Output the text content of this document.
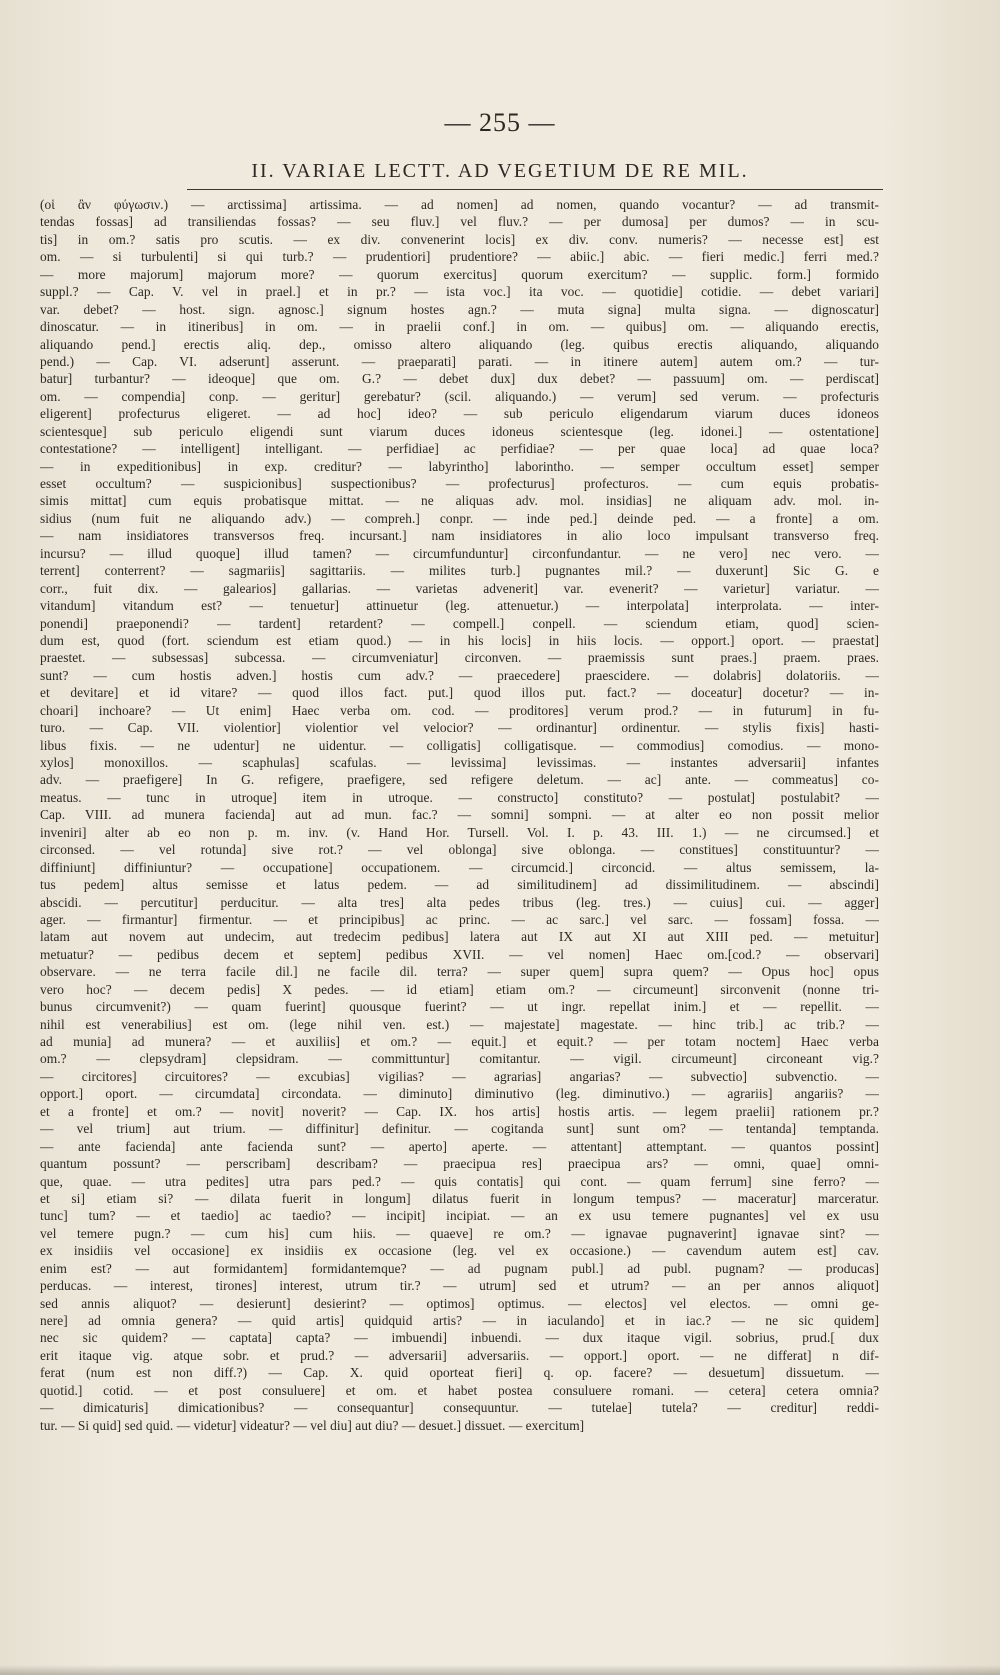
— 255 —
II. VARIAE LECTT. AD VEGETIUM DE RE MIL.
(οἱ ἂν φύγωσιν.) — arctissima] artissima. — ad nomen] ad nomen, quando vocantur? — ad transmit-
tendas fossas] ad transiliendas fossas? — seu fluv.] vel fluv.? — per dumosa] per dumos? — in scu-
tis] in om.? satis pro scutis. — ex div. convenerint locis] ex div. conv. numeris? — necesse est] est
om. — si turbulenti] si qui turb.? — prudentiori] prudentiore? — abiic.] abic. — fieri medic.] ferri med.?
— more majorum] majorum more? — quorum exercitus] quorum exercitum? — supplic. form.] formido
suppl.? — Cap. V. vel in prael.] et in pr.? — ista voc.] ita voc. — quotidie] cotidie. — debet variari]
var. debet? — host. sign. agnosc.] signum hostes agn.? — muta signa] multa signa. — dignoscatur]
dinoscatur. — in itineribus] in om. — in praelii conf.] in om. — quibus] om. — aliquando erectis,
aliquando pend.] erectis aliq. dep., omisso altero aliquando (leg. quibus erectis aliquando, aliquando
pend.) — Cap. VI. adserunt] asserunt. — praeparati] parati. — in itinere autem] autem om.? — tur-
batur] turbantur? — ideoque] que om. G.? — debet dux] dux debet? — passuum] om. — perdiscat]
om. — compendia] conp. — geritur] gerebatur? (scil. aliquando.) — verum] sed verum. — profecturis
eligerent] profecturus eligeret. — ad hoc] ideo? — sub periculo eligendarum viarum duces idoneos
scientesque] sub periculo eligendi sunt viarum duces idoneus scientesque (leg. idonei.] — ostentatione]
contestatione? — intelligent] intelligant. — perfidiae] ac perfidiae? — per quae loca] ad quae loca?
— in expeditionibus] in exp. creditur? — labyrintho] laborintho. — semper occultum esset] semper
esset occultum? — suspicionibus] suspectionibus? — profecturus] profecturos. — cum equis probatis-
simis mittat] cum equis probatisque mittat. — ne aliquas adv. mol. insidias] ne aliquam adv. mol. in-
sidius (num fuit ne aliquando adv.) — compreh.] conpr. — inde ped.] deinde ped. — a fronte] a om.
— nam insidiatores transversos freq. incursant.] nam insidiatores in alio loco impulsant transverso freq.
incursu? — illud quoque] illud tamen? — circumfunduntur] circonfundantur. — ne vero] nec vero. —
terrent] conterrent? — sagmariis] sagittariis. — milites turb.] pugnantes mil.? — duxerunt] Sic G. e
corr., fuit dix. — galearios] gallarias. — varietas advenerit] var. evenerit? — varietur] variatur. —
vitandum] vitandum est? — tenuetur] attinuetur (leg. attenuetur.) — interpolata] interprolata. — inter-
ponendi] praeponendi? — tardent] retardent? — compell.] conpell. — sciendum etiam, quod] scien-
dum est, quod (fort. sciendum est etiam quod.) — in his locis] in hiis locis. — opport.] oport. — praestat]
praestet. — subsessas] subcessa. — circumveniatur] circonven. — praemissis sunt praes.] praem. praes.
sunt? — cum hostis adven.] hostis cum adv.? — praecedere] praescidere. — dolabris] dolatoriis. —
et devitare] et id vitare? — quod illos fact. put.] quod illos put. fact.? — doceatur] docetur? — in-
choari] inchoare? — Ut enim] Haec verba om. cod. — proditores] verum prod.? — in futurum] in fu-
turo. — Cap. VII. violentior] violentior vel velocior? — ordinantur] ordinentur. — stylis fixis] hasti-
libus fixis. — ne udentur] ne uidentur. — colligatis] colligatisque. — commodius] comodius. — mono-
xylos] monoxillos. — scaphulas] scafulas. — levissima] levissimas. — instantes adversarii] infantes
adv. — praefigere] In G. refigere, praefigere, sed refigere deletum. — ac] ante. — commeatus] co-
meatus. — tunc in utroque] item in utroque. — constructo] constituto? — postulat] postulabit? —
Cap. VIII. ad munera facienda] aut ad mun. fac.? — somni] sompni. — at alter eo non possit melior
inveniri] alter ab eo non p. m. inv. (v. Hand Hor. Tursell. Vol. I. p. 43. III. 1.) — ne circumsed.] et
circonsed. — vel rotunda] sive rot.? — vel oblonga] sive oblonga. — constitues] constituuntur? —
diffiniunt] diffiniuntur? — occupatione] occupationem. — circumcid.] circoncid. — altus semissem, la-
tus pedem] altus semisse et latus pedem. — ad similitudinem] ad dissimilitudinem. — abscindi]
abscidi. — percutitur] perducitur. — alta tres] alta pedes tribus (leg. tres.) — cuius] cui. — agger]
ager. — firmantur] firmentur. — et principibus] ac princ. — ac sarc.] vel sarc. — fossam] fossa. —
latam aut novem aut undecim, aut tredecim pedibus] latera aut IX aut XI aut XIII ped. — metuitur]
metuatur? — pedibus decem et septem] pedibus XVII. — vel nomen] Haec om.[cod.? — observari]
observare. — ne terra facile dil.] ne facile dil. terra? — super quem] supra quem? — Opus hoc] opus
vero hoc? — decem pedis] X pedes. — id etiam] etiam om.? — circumeunt] sirconvenit (nonne tri-
bunus circumvenit?) — quam fuerint] quousque fuerint? — ut ingr. repellat inim.] et — repellit. —
nihil est venerabilius] est om. (lege nihil ven. est.) — majestate] magestate. — hinc trib.] ac trib.? —
ad munia] ad munera? — et auxiliis] et om.? — equit.] et equit.? — per totam noctem] Haec verba
om.? — clepsydram] clepsidram. — committuntur] comitantur. — vigil. circumeunt] circoneant vig.?
— circitores] circuitores? — excubias] vigilias? — agrarias] angarias? — subvectio] subvenctio. —
opport.] oport. — circumdata] circondata. — diminuto] diminutivo (leg. diminutivo.) — agrariis] angariis? —
et a fronte] et om.? — novit] noverit? — Cap. IX. hos artis] hostis artis. — legem praelii] rationem pr.?
— vel trium] aut trium. — diffinitur] definitur. — cogitanda sunt] sunt om? — tentanda] temptanda.
— ante facienda] ante facienda sunt? — aperto] aperte. — attentant] attemptant. — quantos possint]
quantum possunt? — perscribam] describam? — praecipua res] praecipua ars? — omni, quae] omni-
que, quae. — utra pedites] utra pars ped.? — quis contatis] qui cont. — quam ferrum] sine ferro? —
et si] etiam si? — dilata fuerit in longum] dilatus fuerit in longum tempus? — maceratur] marceratur.
tunc] tum? — et taedio] ac taedio? — incipit] incipiat. — an ex usu temere pugnantes] vel ex usu
vel temere pugn.? — cum his] cum hiis. — quaeve] re om.? — ignavae pugnaverint] ignavae sint? —
ex insidiis vel occasione] ex insidiis ex occasione (leg. vel ex occasione.) — cavendum autem est] cav.
enim est? — aut formidantem] formidantemque? — ad pugnam publ.] ad publ. pugnam? — producas]
perducas. — interest, tirones] interest, utrum tir.? — utrum] sed et utrum? — an per annos aliquot]
sed annis aliquot? — desierunt] desierint? — optimos] optimus. — electos] vel electos. — omni ge-
nere] ad omnia genera? — quid artis] quidquid artis? — in iaculando] et in iac.? — ne sic quidem]
nec sic quidem? — captata] capta? — imbuendi] inbuendi. — dux itaque vigil. sobrius, prud.[ dux
erit itaque vig. atque sobr. et prud.? — adversarii] adversariis. — opport.] oport. — ne differat] n dif-
ferat (num est non diff.?) — Cap. X. quid oporteat fieri] q. op. facere? — desuetum] dissuetum. —
quotid.] cotid. — et post consuluere] et om. et habet postea consuluere romani. — cetera] cetera omnia?
— dimicaturis] dimicationibus? — consequantur] consequuntur. — tutelae] tutela? — creditur] reddi-
tur. — Si quid] sed quid. — videtur] videatur? — vel diu] aut diu? — desuet.] dissuet. — exercitum]
